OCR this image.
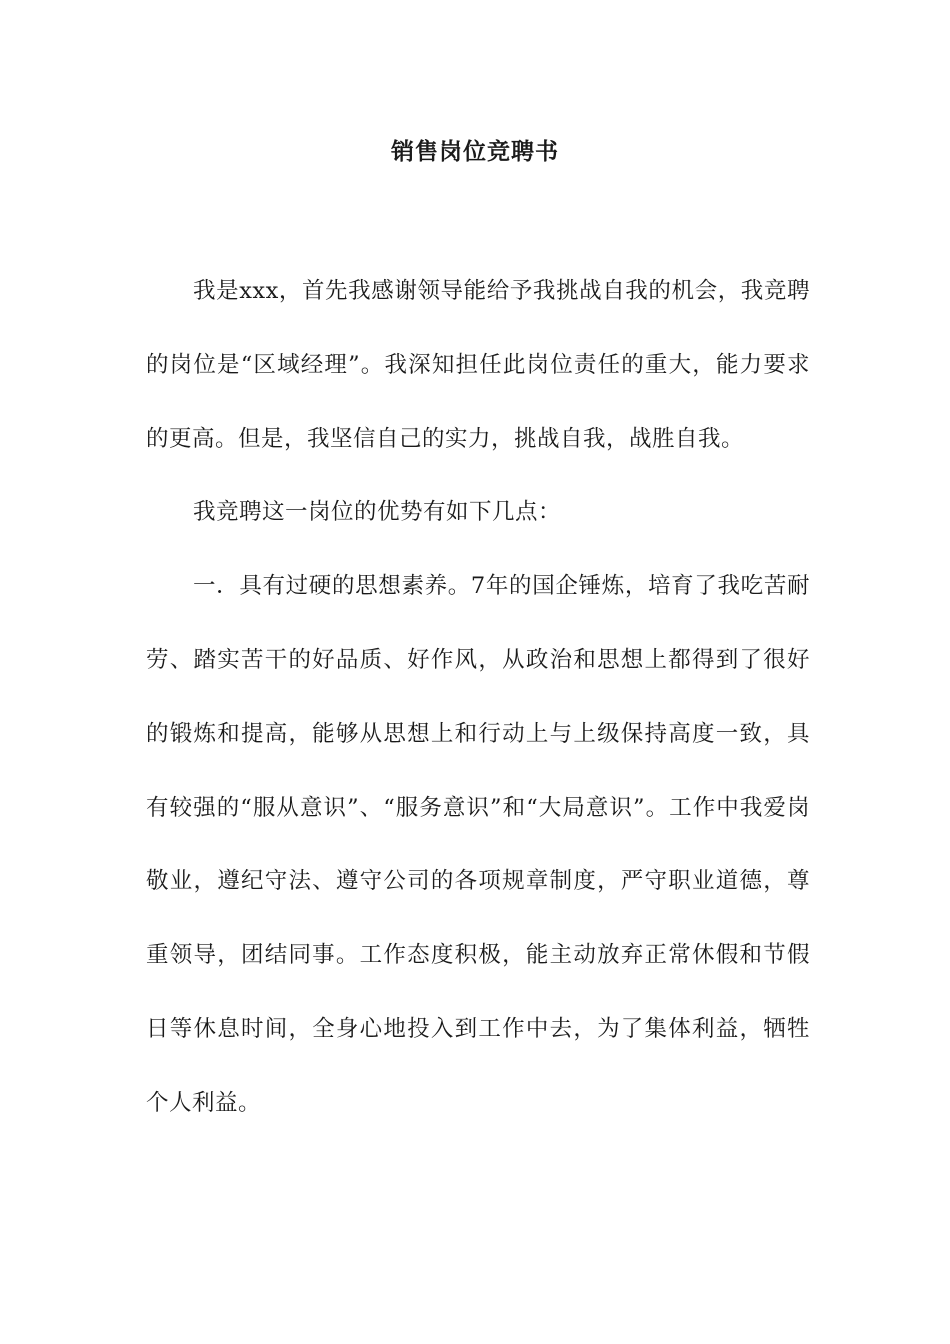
销售岗位竞聘书

我是xxx，首先我感谢领导能给予我挑战自我的机会，我竞聘的岗位是“区域经理”。我深知担任此岗位责任的重大，能力要求的更高。但是，我坚信自己的实力，挑战自我，战胜自我。

我竞聘这一岗位的优势有如下几点：

一．具有过硬的思想素养。7年的国企锤炼，培育了我吃苦耐劳、踏实苦干的好品质、好作风，从政治和思想上都得到了很好的锻炼和提高，能够从思想上和行动上与上级保持高度一致，具有较强的“服从意识”、“服务意识”和“大局意识”。工作中我爱岗敬业，遵纪守法、遵守公司的各项规章制度，严守职业道德，尊重领导，团结同事。工作态度积极，能主动放弃正常休假和节假日等休息时间，全身心地投入到工作中去，为了集体利益，牺牲个人利益。
